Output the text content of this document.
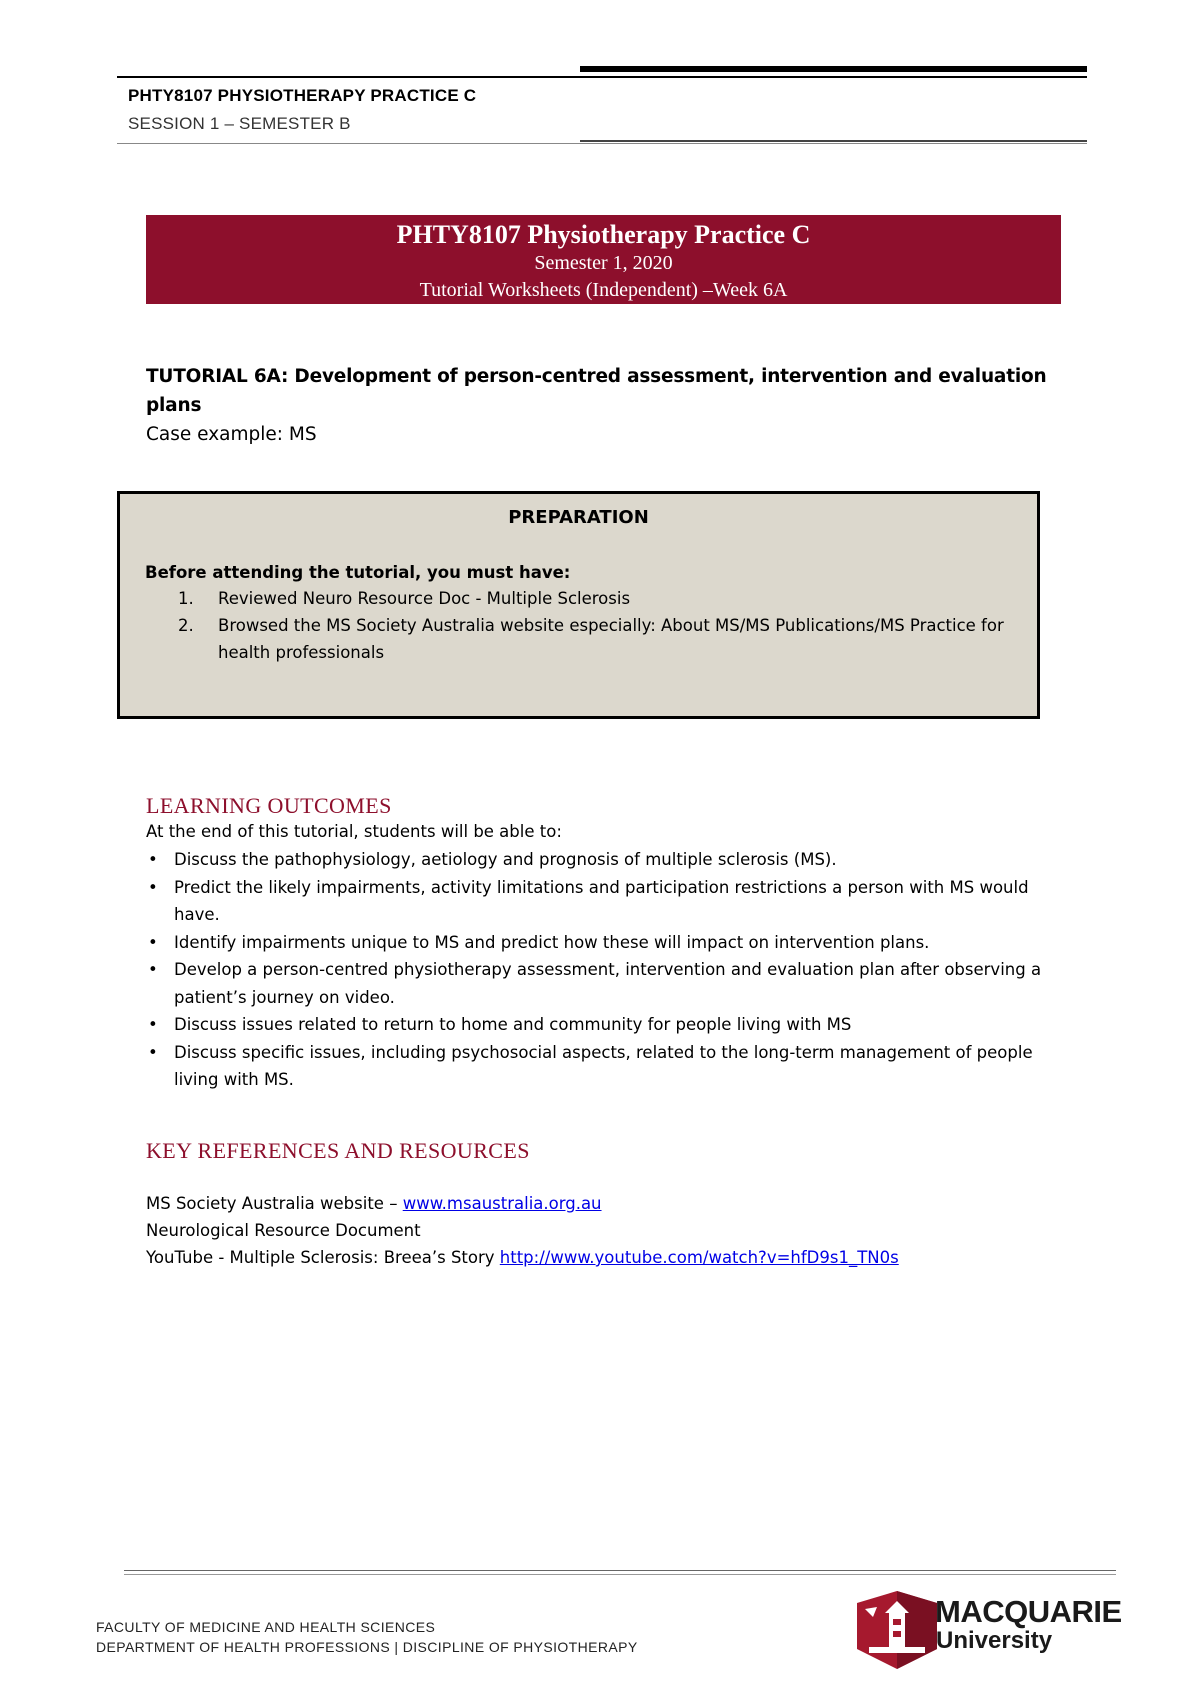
PHTY8107 PHYSIOTHERAPY PRACTICE C
SESSION 1 – SEMESTER B
PHTY8107 Physiotherapy Practice C
Semester 1, 2020
Tutorial Worksheets (Independent) –Week 6A
TUTORIAL 6A: Development of person-centred assessment, intervention and evaluation plans
Case example: MS
PREPARATION
Before attending the tutorial, you must have:
1. Reviewed Neuro Resource Doc - Multiple Sclerosis
2. Browsed the MS Society Australia website especially: About MS/MS Publications/MS Practice for health professionals
LEARNING OUTCOMES
At the end of this tutorial, students will be able to:
• Discuss the pathophysiology, aetiology and prognosis of multiple sclerosis (MS).
• Predict the likely impairments, activity limitations and participation restrictions a person with MS would have.
• Identify impairments unique to MS and predict how these will impact on intervention plans.
• Develop a person-centred physiotherapy assessment, intervention and evaluation plan after observing a patient’s journey on video.
• Discuss issues related to return to home and community for people living with MS
• Discuss specific issues, including psychosocial aspects, related to the long-term management of people living with MS.
KEY REFERENCES AND RESOURCES
MS Society Australia website – www.msaustralia.org.au
Neurological Resource Document
YouTube - Multiple Sclerosis: Breea’s Story http://www.youtube.com/watch?v=hfD9s1_TN0s
FACULTY OF MEDICINE AND HEALTH SCIENCES
DEPARTMENT OF HEALTH PROFESSIONS | DISCIPLINE OF PHYSIOTHERAPY
MACQUARIE
University
